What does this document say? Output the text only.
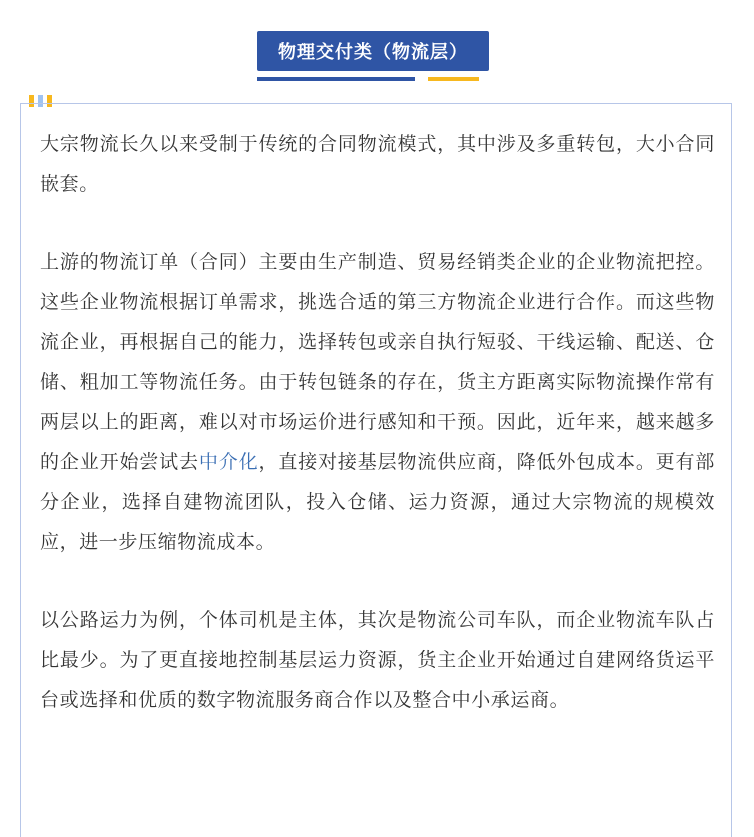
物理交付类（物流层）

大宗物流长久以来受制于传统的合同物流模式，其中涉及多重转包，大小合同嵌套。

上游的物流订单（合同）主要由生产制造、贸易经销类企业的企业物流把控。这些企业物流根据订单需求，挑选合适的第三方物流企业进行合作。而这些物流企业，再根据自己的能力，选择转包或亲自执行短驳、干线运输、配送、仓储、粗加工等物流任务。由于转包链条的存在，货主方距离实际物流操作常有两层以上的距离，难以对市场运价进行感知和干预。因此，近年来，越来越多的企业开始尝试去中介化，直接对接基层物流供应商，降低外包成本。更有部分企业，选择自建物流团队，投入仓储、运力资源，通过大宗物流的规模效应，进一步压缩物流成本。

以公路运力为例，个体司机是主体，其次是物流公司车队，而企业物流车队占比最少。为了更直接地控制基层运力资源，货主企业开始通过自建网络货运平台或选择和优质的数字物流服务商合作以及整合中小承运商。
